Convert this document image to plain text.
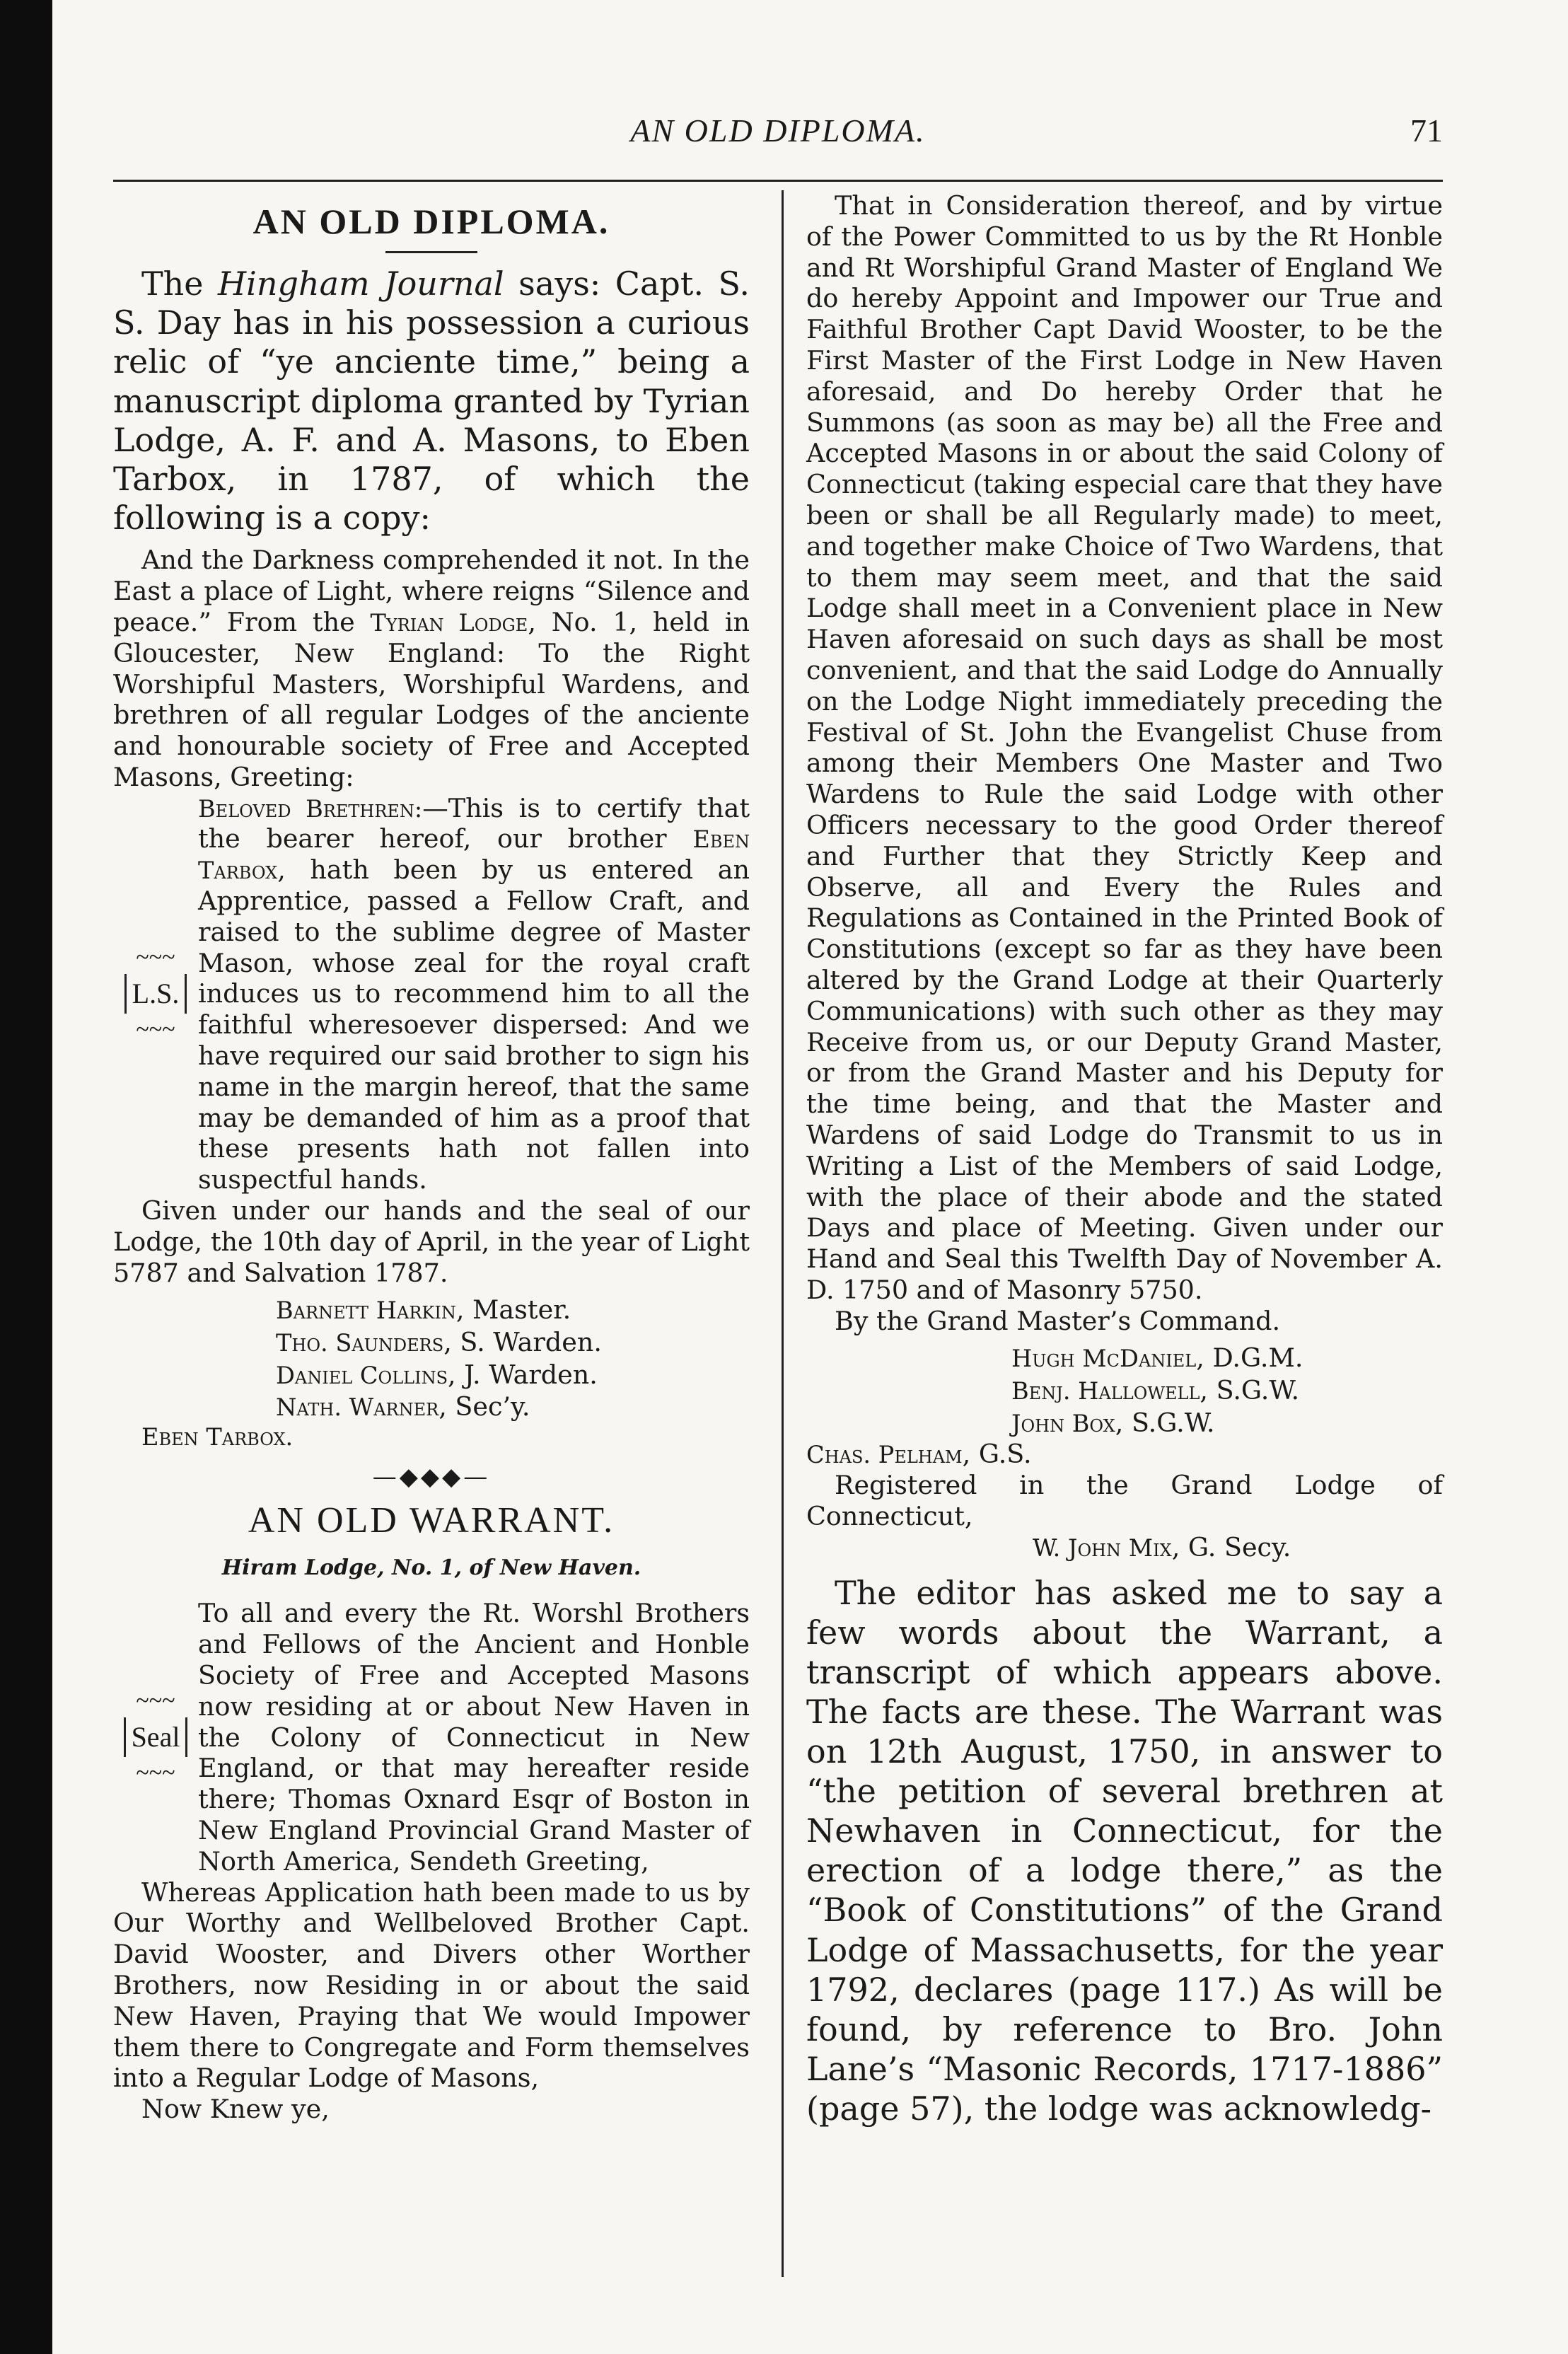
AN OLD DIPLOMA.	71
AN OLD DIPLOMA.

The Hingham Journal says: Capt. S. S. Day has in his possession a curious relic of “ye anciente time,” being a manuscript diploma granted by Tyrian Lodge, A. F. and A. Masons, to Eben Tarbox, in 1787, of which the following is a copy:

And the Darkness comprehended it not. In the East a place of Light, where reigns “Silence and peace.” From the Tyrian Lodge, No. 1, held in Gloucester, New England: To the Right Worshipful Masters, Worshipful Wardens, and brethren of all regular Lodges of the anciente and honourable society of Free and Accepted Masons, Greeting:

~~~
L.S.
~~~

Beloved Brethren:—This is to certify that the bearer hereof, our brother Eben Tarbox, hath been by us entered an Apprentice, passed a Fellow Craft, and raised to the sublime degree of Master Mason, whose zeal for the royal craft induces us to recommend him to all the faithful wheresoever dispersed: And we have required our said brother to sign his name in the margin hereof, that the same may be demanded of him as a proof that these presents hath not fallen into suspectful hands.

Given under our hands and the seal of our Lodge, the 10th day of April, in the year of Light 5787 and Salvation 1787.

Barnett Harkin, Master.
Tho. Saunders, S. Warden.
Daniel Collins, J. Warden.
Nath. Warner, Sec’y.
Eben Tarbox.
—◆◆◆—
AN OLD WARRANT.
Hiram Lodge, No. 1, of New Haven.
~~~
Seal
~~~

To all and every the Rt. Worshl Brothers and Fellows of the Ancient and Honble Society of Free and Accepted Masons now residing at or about New Haven in the Colony of Connecticut in New England, or that may hereafter reside there; Thomas Oxnard Esqr of Boston in New England Provincial Grand Master of North America, Sendeth Greeting,

Whereas Application hath been made to us by Our Worthy and Wellbeloved Brother Capt. David Wooster, and Divers other Worther Brothers, now Residing in or about the said New Haven, Praying that We would Impower them there to Congregate and Form themselves into a Regular Lodge of Masons,

Now Knew ye,

That in Consideration thereof, and by virtue of the Power Committed to us by the Rt Honble and Rt Worshipful Grand Master of England We do hereby Appoint and Impower our True and Faithful Brother Capt David Wooster, to be the First Master of the First Lodge in New Haven aforesaid, and Do hereby Order that he Summons (as soon as may be) all the Free and Accepted Masons in or about the said Colony of Connecticut (taking especial care that they have been or shall be all Regularly made) to meet, and together make Choice of Two Wardens, that to them may seem meet, and that the said Lodge shall meet in a Convenient place in New Haven aforesaid on such days as shall be most convenient, and that the said Lodge do Annually on the Lodge Night immediately preceding the Festival of St. John the Evangelist Chuse from among their Members One Master and Two Wardens to Rule the said Lodge with other Officers necessary to the good Order thereof and Further that they Strictly Keep and Observe, all and Every the Rules and Regulations as Contained in the Printed Book of Constitutions (except so far as they have been altered by the Grand Lodge at their Quarterly Communications) with such other as they may Receive from us, or our Deputy Grand Master, or from the Grand Master and his Deputy for the time being, and that the Master and Wardens of said Lodge do Transmit to us in Writing a List of the Members of said Lodge, with the place of their abode and the stated Days and place of Meeting. Given under our Hand and Seal this Twelfth Day of November A. D. 1750 and of Masonry 5750.

By the Grand Master’s Command.

Hugh McDaniel, D.G.M.
Benj. Hallowell, S.G.W.
John Box, S.G.W.
Chas. Pelham, G.S.

Registered in the Grand Lodge of Connecticut,

W. John Mix, G. Secy.

The editor has asked me to say a few words about the Warrant, a transcript of which appears above. The facts are these. The Warrant was on 12th August, 1750, in answer to “the petition of several brethren at Newhaven in Connecticut, for the erection of a lodge there,” as the “Book of Constitutions” of the Grand Lodge of Massachusetts, for the year 1792, declares (page 117.) As will be found, by reference to Bro. John Lane’s “Masonic Records, 1717-1886” (page 57), the lodge was acknowledg-
